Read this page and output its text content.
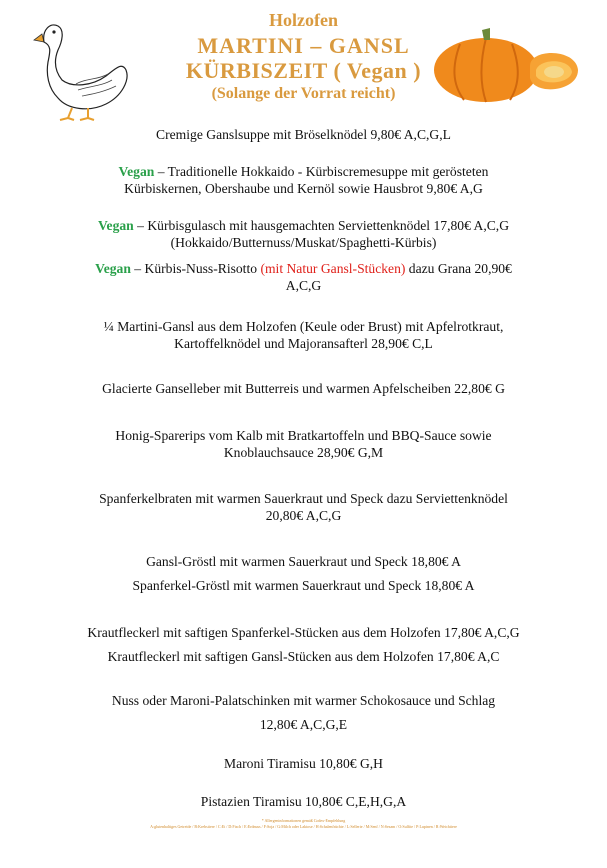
Holzofen
MARTINI – GANSL
KÜRBISZEIT ( Vegan )
(Solange der Vorrat reicht)
Cremige Ganslsuppe mit Bröselknödel 9,80€ A,C,G,L
Vegan – Traditionelle Hokkaido - Kürbiscremesuppe mit gerösteten
Kürbiskernen, Obershaube und Kernöl sowie Hausbrot 9,80€ A,G
Vegan – Kürbisgulasch mit hausgemachten Serviettenknödel 17,80€ A,C,G
(Hokkaido/Butternuss/Muskat/Spaghetti-Kürbis)
Vegan – Kürbis-Nuss-Risotto (mit Natur Gansl-Stücken) dazu Grana 20,90€
A,C,G
¼ Martini-Gansl aus dem Holzofen (Keule oder Brust) mit Apfelrotkraut,
Kartoffelknödel und Majoransafterl 28,90€ C,L
Glacierte Ganselleber mit Butterreis und warmen Apfelscheiben 22,80€ G
Honig-Sparerips vom Kalb mit Bratkartoffeln und BBQ-Sauce sowie
Knoblauchsauce 28,90€ G,M
Spanferkelbraten mit warmen Sauerkraut und Speck dazu Serviettenknödel
20,80€ A,C,G
Gansl-Gröstl mit warmen Sauerkraut und Speck 18,80€ A
Spanferkel-Gröstl mit warmen Sauerkraut und Speck 18,80€ A
Krautfleckerl mit saftigen Spanferkel-Stücken aus dem Holzofen 17,80€ A,C,G
Krautfleckerl mit saftigen Gansl-Stücken aus dem Holzofen 17,80€ A,C
Nuss oder Maroni-Palatschinken mit warmer Schokosauce und Schlag
12,80€ A,C,G,E
Maroni Tiramisu 10,80€ G,H
Pistazien Tiramisu 10,80€ C,E,H,G,A
* Allergeninformationen gemäß Codex-Empfehlung
A:glutenhaltiges Getreide / B:Krebstiere / C:Ei / D:Fisch / E:Erdnuss / F:Soja / G:Milch oder Laktose / H:Schalenfrüchte / L:Sellerie / M:Senf / N:Sesam / O:Sulfite / P:Lupinen / R:Weichtiere
